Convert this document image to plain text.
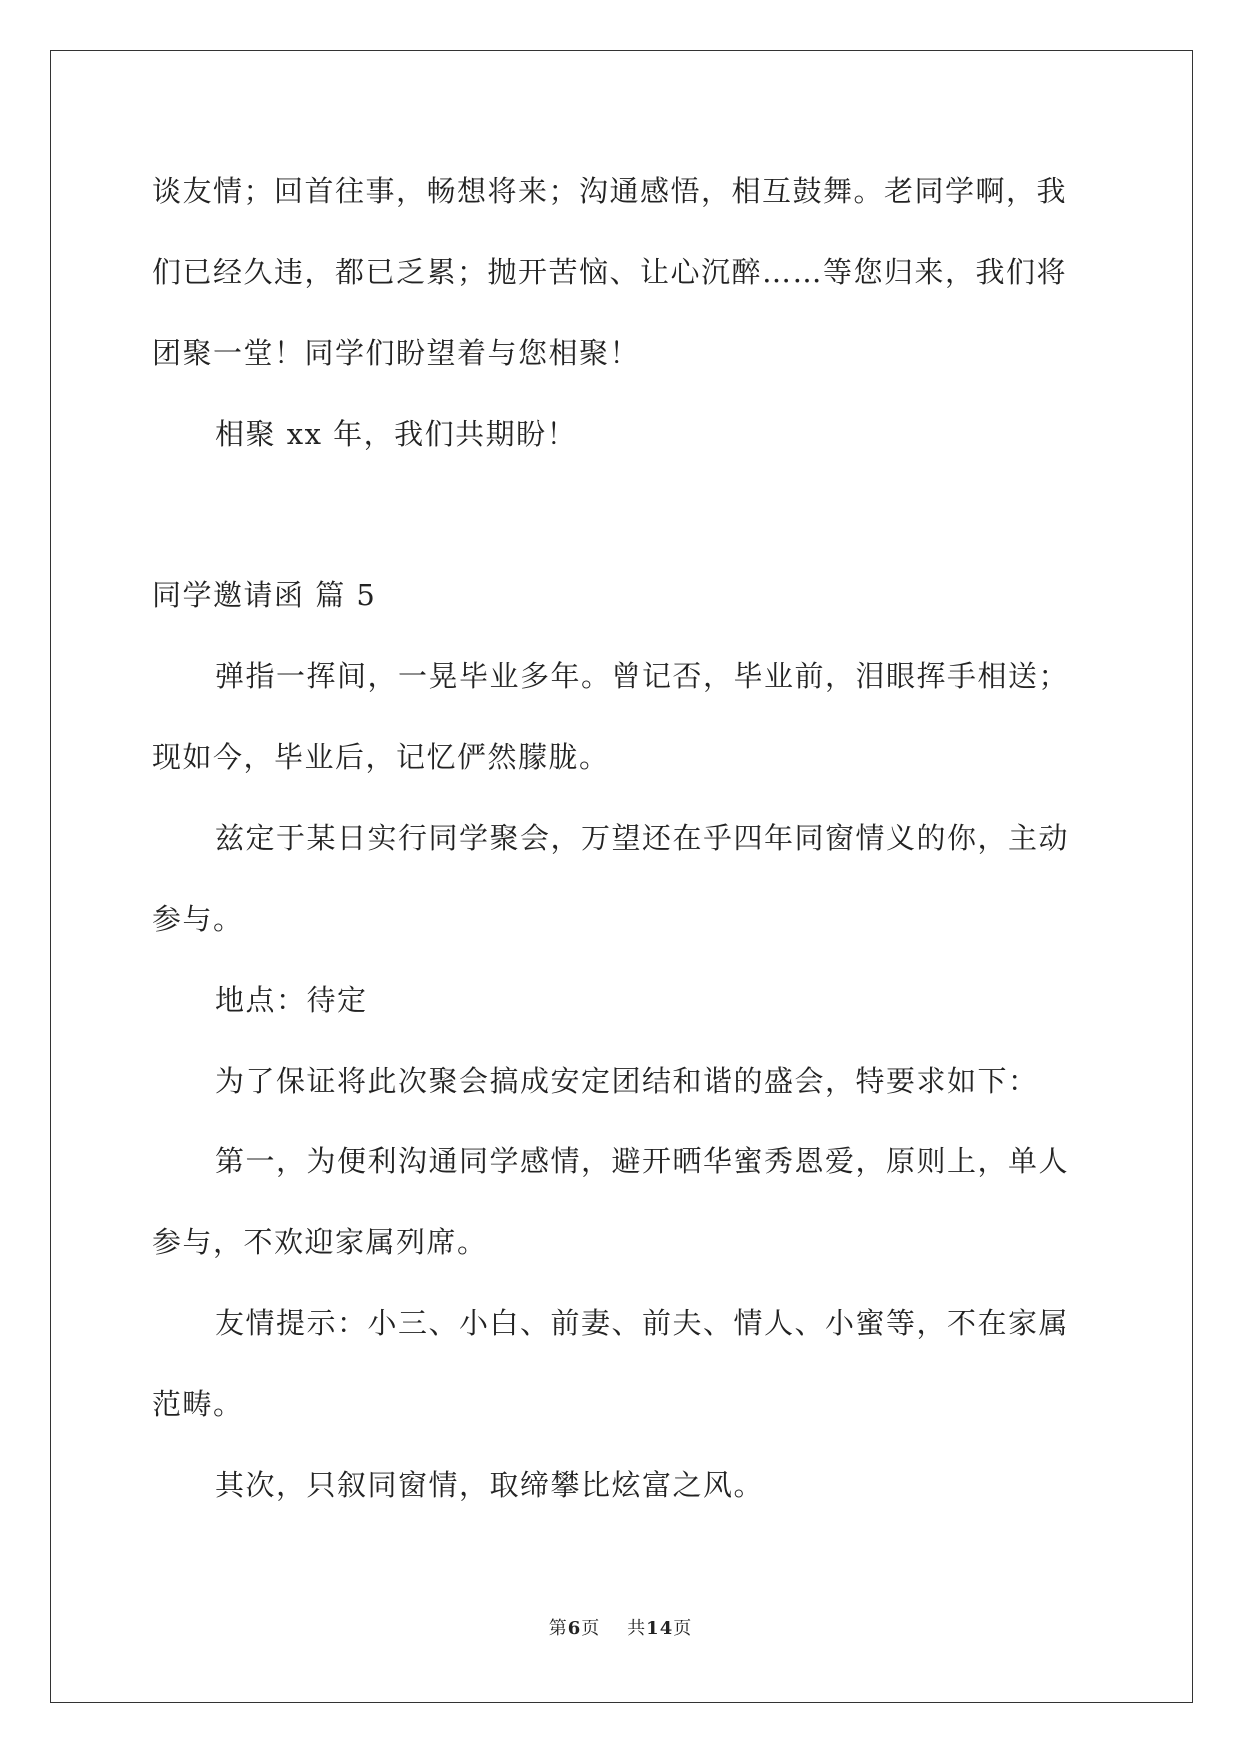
谈友情；回首往事，畅想将来；沟通感悟，相互鼓舞。老同学啊，我
们已经久违，都已乏累；抛开苦恼、让心沉醉……等您归来，我们将
团聚一堂！同学们盼望着与您相聚！
相聚 xx 年，我们共期盼！
同学邀请函 篇 5
弹指一挥间，一晃毕业多年。曾记否，毕业前，泪眼挥手相送；
现如今，毕业后，记忆俨然朦胧。
兹定于某日实行同学聚会，万望还在乎四年同窗情义的你，主动
参与。
地点：待定
为了保证将此次聚会搞成安定团结和谐的盛会，特要求如下：
第一，为便利沟通同学感情，避开晒华蜜秀恩爱，原则上，单人
参与，不欢迎家属列席。
友情提示：小三、小白、前妻、前夫、情人、小蜜等，不在家属
范畴。
其次，只叙同窗情，取缔攀比炫富之风。
第6页 共14页
